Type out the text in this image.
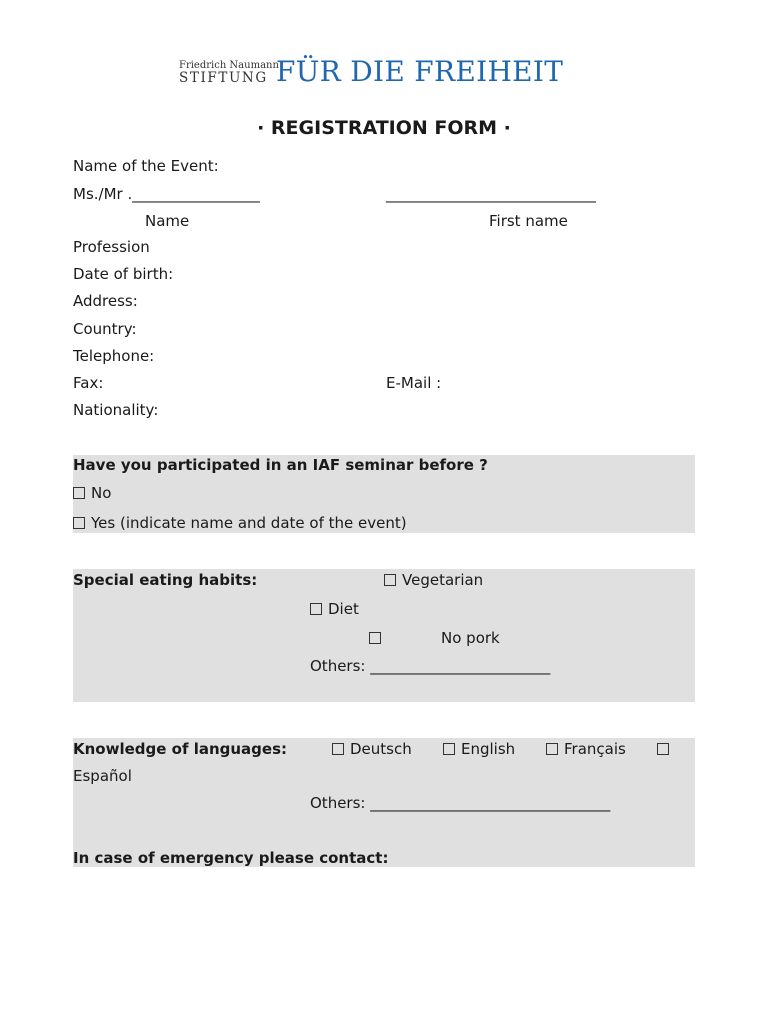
Friedrich Naumann
STIFTUNG FÜR DIE FREIHEIT
· REGISTRATION FORM ·
Name of the Event:
Ms./Mr ._________________	____________________________
Name	First name
Profession
Date of birth:
Address:
Country:
Telephone:
Fax:	E-Mail :
Nationality:
Have you participated in an IAF seminar before ?
No
Yes (indicate name and date of the event)
Special eating habits:	Vegetarian
Diet
No pork
Others: ________________________
Knowledge of languages:	Deutsch	English	Français
Español
Others: ________________________________
In case of emergency please contact:
